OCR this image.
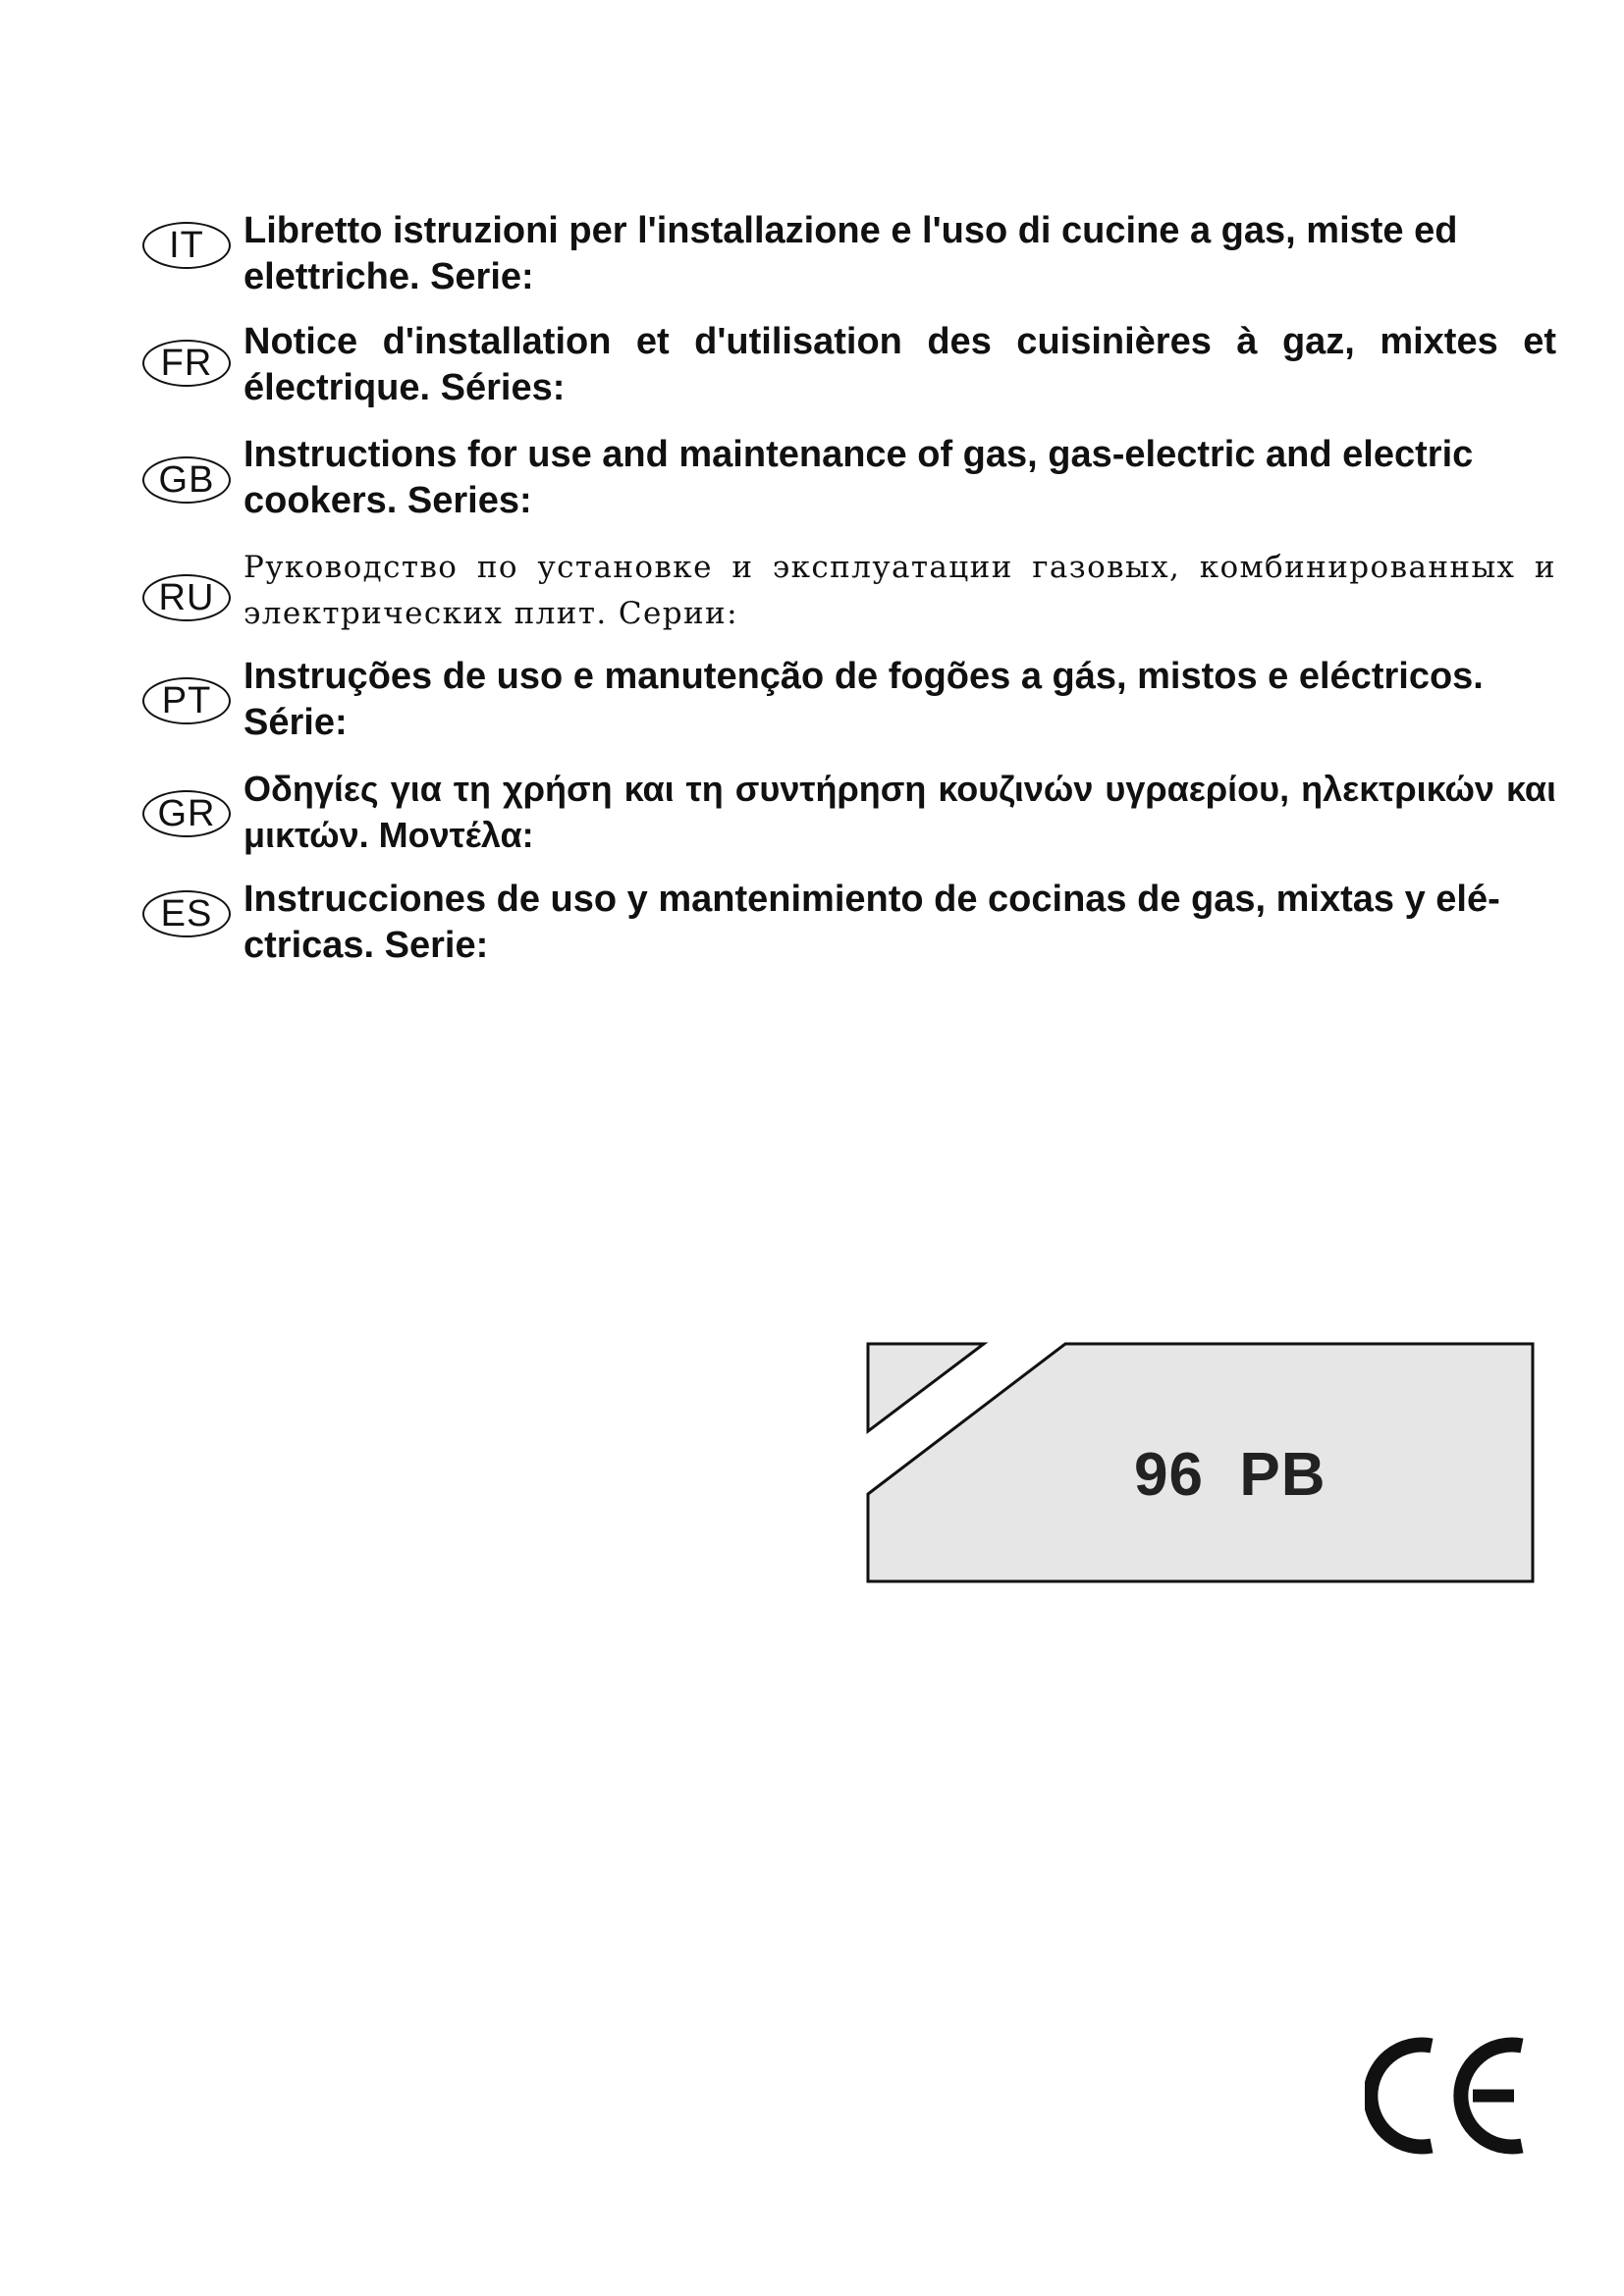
IT	Libretto istruzioni per l'installazione e l'uso di cucine a gas, miste ed elettriche. Serie:
FR
Notice d'installation et d'utilisation des cuisinières à gaz, mixtes et électrique. Séries:
GB
Instructions for use and maintenance of gas, gas-electric and electric cookers. Series:
RU
Руководство по установке и эксплуатации газовых, комбинированных и электрических плит. Серии:
PT
Instruções de uso e manutenção de fogões a gás, mistos e eléctricos. Série:
GR
Οδηγίες για τη χρήση και τη συντήρηση κουζινών υγραερίου, ηλεκτρικών και μικτών. Μοντέλα:
ES Instrucciones de uso y mantenimiento de cocinas de gas, mixtas y elé- ctricas. Serie:
96  PB
